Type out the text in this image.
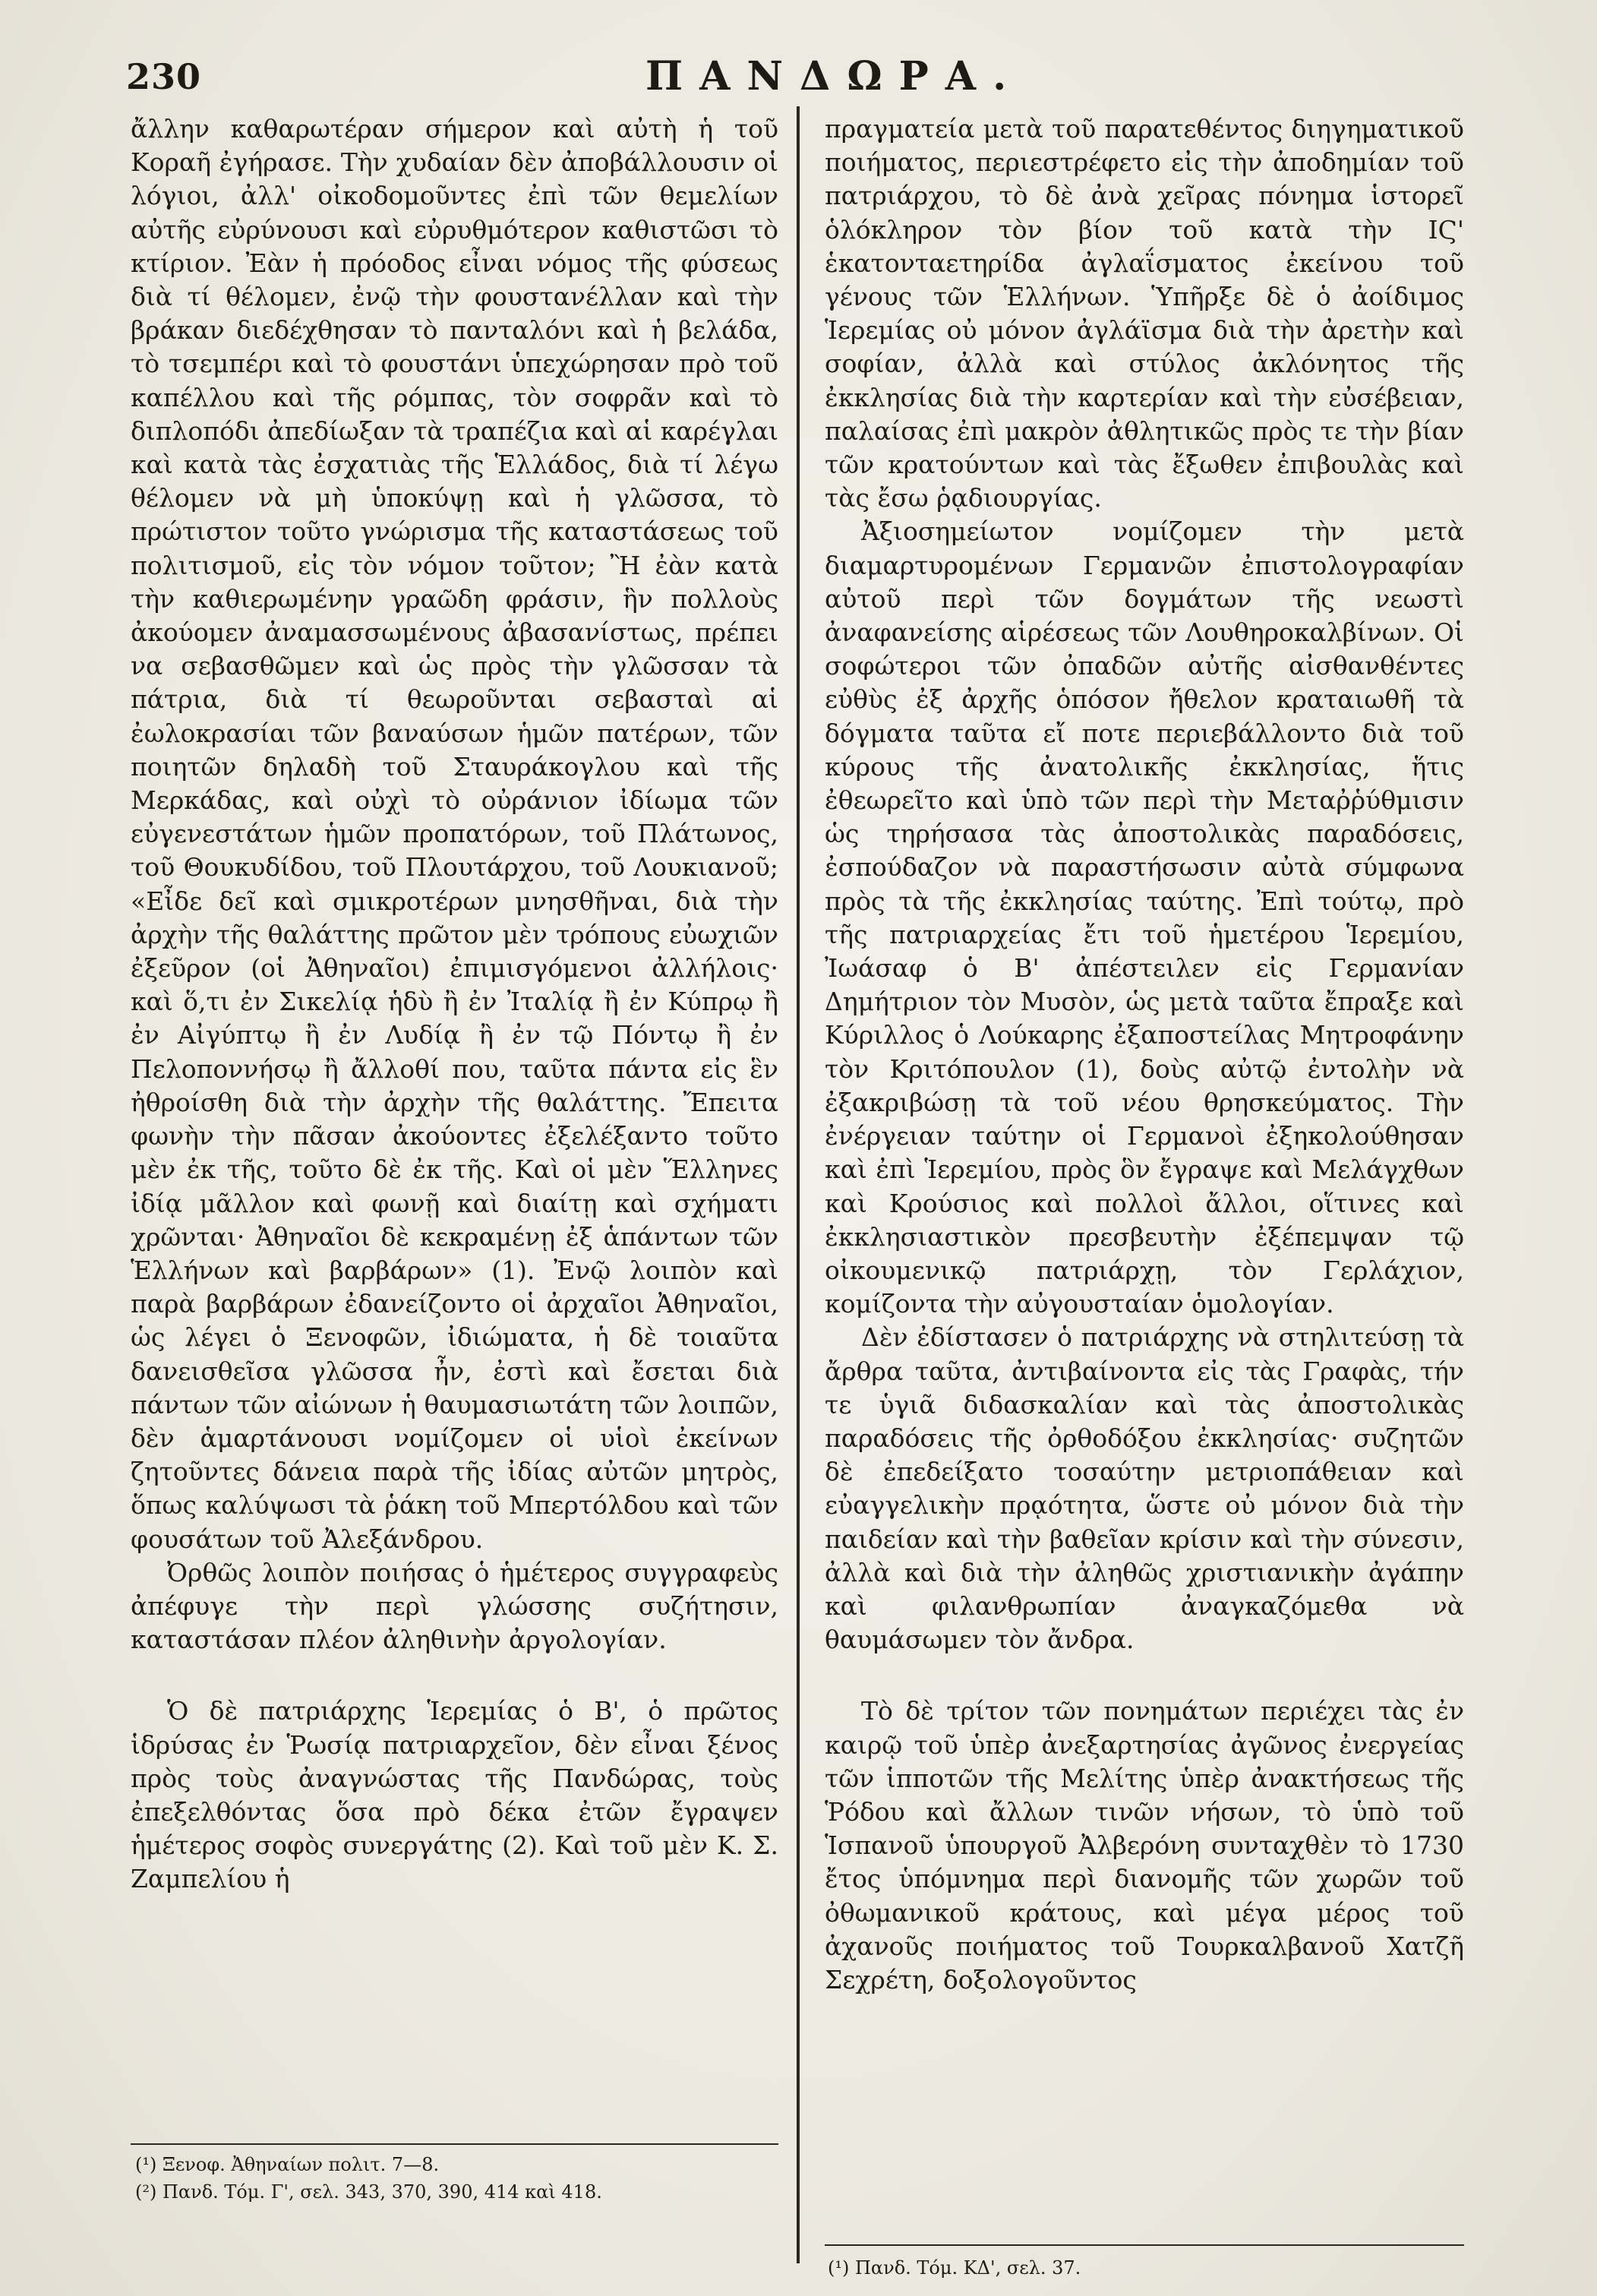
230	ΠΑΝΔΩΡΑ.

ἄλλην καθαρωτέραν σήμερον καὶ αὐτὴ ἡ τοῦ Κοραῆ ἐγήρασε. Τὴν χυδαίαν δὲν ἀποβάλλουσιν οἱ λόγιοι, ἀλλ' οἰκοδομοῦντες ἐπὶ τῶν θεμελίων αὐτῆς εὐρύνουσι καὶ εὐρυθμότερον καθιστῶσι τὸ κτίριον. Ἐὰν ἡ πρόοδος εἶναι νόμος τῆς φύσεως διὰ τί θέλομεν, ἐνῷ τὴν φουστανέλλαν καὶ τὴν βράκαν διεδέχθησαν τὸ πανταλόνι καὶ ἡ βελάδα, τὸ τσεμπέρι καὶ τὸ φουστάνι ὑπεχώρησαν πρὸ τοῦ καπέλλου καὶ τῆς ρόμπας, τὸν σοφρᾶν καὶ τὸ διπλοπόδι ἀπεδίωξαν τὰ τραπέζια καὶ αἱ καρέγλαι καὶ κατὰ τὰς ἐσχατιὰς τῆς Ἑλλάδος, διὰ τί λέγω θέλομεν νὰ μὴ ὑποκύψῃ καὶ ἡ γλῶσσα, τὸ πρώτιστον τοῦτο γνώρισμα τῆς καταστάσεως τοῦ πολιτισμοῦ, εἰς τὸν νόμον τοῦτον; Ἢ ἐὰν κατὰ τὴν καθιερωμένην γραῶδη φράσιν, ἣν πολλοὺς ἀκούομεν ἀναμασσωμένους ἀβασανίστως, πρέπει να σεβασθῶμεν καὶ ὡς πρὸς τὴν γλῶσσαν τὰ πάτρια, διὰ τί θεωροῦνται σεβασταὶ αἱ ἐωλοκρασίαι τῶν βαναύσων ἡμῶν πατέρων, τῶν ποιητῶν δηλαδὴ τοῦ Σταυράκογλου καὶ τῆς Μερκάδας, καὶ οὐχὶ τὸ οὐράνιον ἰδίωμα τῶν εὐγενεστάτων ἡμῶν προπατόρων, τοῦ Πλάτωνος, τοῦ Θουκυδίδου, τοῦ Πλουτάρχου, τοῦ Λουκιανοῦ; «Εἶδε δεῖ καὶ σμικροτέρων μνησθῆναι, διὰ τὴν ἀρχὴν τῆς θαλάττης πρῶτον μὲν τρόπους εὐωχιῶν ἐξεῦρον (οἱ Ἀθηναῖοι) ἐπιμισγόμενοι ἀλλήλοις· καὶ ὅ,τι ἐν Σικελίᾳ ἡδὺ ἢ ἐν Ἰταλίᾳ ἢ ἐν Κύπρῳ ἢ ἐν Αἰγύπτῳ ἢ ἐν Λυδίᾳ ἢ ἐν τῷ Πόντῳ ἢ ἐν Πελοποννήσῳ ἢ ἄλλοθί που, ταῦτα πάντα εἰς ἓν ἠθροίσθη διὰ τὴν ἀρχὴν τῆς θαλάττης. Ἔπειτα φωνὴν τὴν πᾶσαν ἀκούοντες ἐξελέξαντο τοῦτο μὲν ἐκ τῆς, τοῦτο δὲ ἐκ τῆς. Καὶ οἱ μὲν Ἕλληνες ἰδίᾳ μᾶλλον καὶ φωνῇ καὶ διαίτῃ καὶ σχήματι χρῶνται· Ἀθηναῖοι δὲ κεκραμένῃ ἐξ ἁπάντων τῶν Ἑλλήνων καὶ βαρβάρων» (1). Ἐνῷ λοιπὸν καὶ παρὰ βαρβάρων ἐδανείζοντο οἱ ἀρχαῖοι Ἀθηναῖοι, ὡς λέγει ὁ Ξενοφῶν, ἰδιώματα, ἡ δὲ τοιαῦτα δανεισθεῖσα γλῶσσα ἦν, ἐστὶ καὶ ἔσεται διὰ πάντων τῶν αἰώνων ἡ θαυμασιωτάτη τῶν λοιπῶν, δὲν ἁμαρτάνουσι νομίζομεν οἱ υἱοὶ ἐκείνων ζητοῦντες δάνεια παρὰ τῆς ἰδίας αὐτῶν μητρὸς, ὅπως καλύψωσι τὰ ῥάκη τοῦ Μπερτόλδου καὶ τῶν φουσάτων τοῦ Ἀλεξάνδρου.

Ὀρθῶς λοιπὸν ποιήσας ὁ ἡμέτερος συγγραφεὺς ἀπέφυγε τὴν περὶ γλώσσης συζήτησιν, καταστάσαν πλέον ἀληθινὴν ἀργολογίαν.

Ὁ δὲ πατριάρχης Ἱερεμίας ὁ Β', ὁ πρῶτος ἱδρύσας ἐν Ῥωσίᾳ πατριαρχεῖον, δὲν εἶναι ξένος πρὸς τοὺς ἀναγνώστας τῆς Πανδώρας, τοὺς ἐπεξελθόντας ὅσα πρὸ δέκα ἐτῶν ἔγραψεν ἡμέτερος σοφὸς συνεργάτης (2). Καὶ τοῦ μὲν Κ. Σ. Ζαμπελίου ἡ

πραγματεία μετὰ τοῦ παρατεθέντος διηγηματικοῦ ποιήματος, περιεστρέφετο εἰς τὴν ἀποδημίαν τοῦ πατριάρχου, τὸ δὲ ἀνὰ χεῖρας πόνημα ἱστορεῖ ὁλόκληρον τὸν βίον τοῦ κατὰ τὴν ΙϚ' ἑκατονταετηρίδα ἀγλαΐσματος ἐκείνου τοῦ γένους τῶν Ἑλλήνων. Ὑπῆρξε δὲ ὁ ἀοίδιμος Ἱερεμίας οὐ μόνον ἀγλάϊσμα διὰ τὴν ἀρετὴν καὶ σοφίαν, ἀλλὰ καὶ στύλος ἀκλόνητος τῆς ἐκκλησίας διὰ τὴν καρτερίαν καὶ τὴν εὐσέβειαν, παλαίσας ἐπὶ μακρὸν ἀθλητικῶς πρὸς τε τὴν βίαν τῶν κρατούντων καὶ τὰς ἔξωθεν ἐπιβουλὰς καὶ τὰς ἔσω ῥᾳδιουργίας.

Ἀξιοσημείωτον νομίζομεν τὴν μετὰ διαμαρτυρομένων Γερμανῶν ἐπιστολογραφίαν αὐτοῦ περὶ τῶν δογμάτων τῆς νεωστὶ ἀναφανείσης αἱρέσεως τῶν Λουθηροκαλβίνων. Οἱ σοφώτεροι τῶν ὀπαδῶν αὐτῆς αἰσθανθέντες εὐθὺς ἐξ ἀρχῆς ὁπόσον ἤθελον κραταιωθῆ τὰ δόγματα ταῦτα εἴ ποτε περιεβάλλοντο διὰ τοῦ κύρους τῆς ἀνατολικῆς ἐκκλησίας, ἥτις ἐθεωρεῖτο καὶ ὑπὸ τῶν περὶ τὴν Μεταῤῥύθμισιν ὡς τηρήσασα τὰς ἀποστολικὰς παραδόσεις, ἐσπούδαζον νὰ παραστήσωσιν αὐτὰ σύμφωνα πρὸς τὰ τῆς ἐκκλησίας ταύτης. Ἐπὶ τούτῳ, πρὸ τῆς πατριαρχείας ἔτι τοῦ ἡμετέρου Ἱερεμίου, Ἰωάσαφ ὁ Β' ἀπέστειλεν εἰς Γερμανίαν Δημήτριον τὸν Μυσὸν, ὡς μετὰ ταῦτα ἔπραξε καὶ Κύριλλος ὁ Λούκαρης ἐξαποστείλας Μητροφάνην τὸν Κριτόπουλον (1), δοὺς αὐτῷ ἐντολὴν νὰ ἐξακριβώσῃ τὰ τοῦ νέου θρησκεύματος. Τὴν ἐνέργειαν ταύτην οἱ Γερμανοὶ ἐξηκολούθησαν καὶ ἐπὶ Ἱερεμίου, πρὸς ὃν ἔγραψε καὶ Μελάγχθων καὶ Κρούσιος καὶ πολλοὶ ἄλλοι, οἵτινες καὶ ἐκκλησιαστικὸν πρεσβευτὴν ἐξέπεμψαν τῷ οἰκουμενικῷ πατριάρχῃ, τὸν Γερλάχιον, κομίζοντα τὴν αὐγουσταίαν ὁμολογίαν.

Δὲν ἐδίστασεν ὁ πατριάρχης νὰ στηλιτεύσῃ τὰ ἄρθρα ταῦτα, ἀντιβαίνοντα εἰς τὰς Γραφὰς, τήν τε ὑγιᾶ διδασκαλίαν καὶ τὰς ἀποστολικὰς παραδόσεις τῆς ὀρθοδόξου ἐκκλησίας· συζητῶν δὲ ἐπεδείξατο τοσαύτην μετριοπάθειαν καὶ εὐαγγελικὴν πρᾳότητα, ὥστε οὐ μόνον διὰ τὴν παιδείαν καὶ τὴν βαθεῖαν κρίσιν καὶ τὴν σύνεσιν, ἀλλὰ καὶ διὰ τὴν ἀληθῶς χριστιανικὴν ἀγάπην καὶ φιλανθρωπίαν ἀναγκαζόμεθα νὰ θαυμάσωμεν τὸν ἄνδρα.

Τὸ δὲ τρίτον τῶν πονημάτων περιέχει τὰς ἐν καιρῷ τοῦ ὑπὲρ ἀνεξαρτησίας ἀγῶνος ἐνεργείας τῶν ἱπποτῶν τῆς Μελίτης ὑπὲρ ἀνακτήσεως τῆς Ῥόδου καὶ ἄλλων τινῶν νήσων, τὸ ὑπὸ τοῦ Ἱσπανοῦ ὑπουργοῦ Ἀλβερόνη συνταχθὲν τὸ 1730 ἔτος ὑπόμνημα περὶ διανομῆς τῶν χωρῶν τοῦ ὀθωμανικοῦ κράτους, καὶ μέγα μέρος τοῦ ἀχανοῦς ποιήματος τοῦ Τουρκαλβανοῦ Χατζῆ Σεχρέτη, δοξολογοῦντος

(¹) Ξενοφ. Ἀθηναίων πολιτ. 7—8.
(²) Πανδ. Τόμ. Γ', σελ. 343, 370, 390, 414 καὶ 418.
(¹) Πανδ. Τόμ. ΚΔ', σελ. 37.
